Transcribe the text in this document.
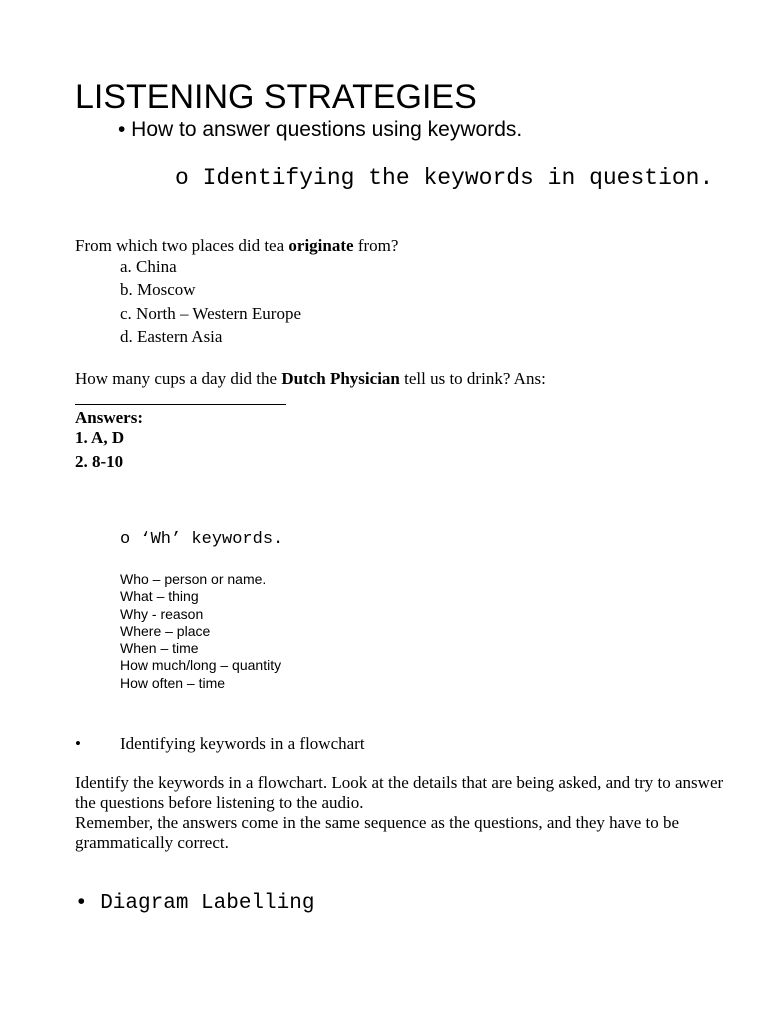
LISTENING STRATEGIES
• How to answer questions using keywords.
o Identifying the keywords in question.
From which two places did tea originate from?
a. China
b. Moscow
c. North – Western Europe
d. Eastern Asia
How many cups a day did the Dutch Physician tell us to drink? Ans:
Answers:
1. A, D
2. 8-10
o ‘Wh’ keywords.
Who – person or name.
What – thing
Why - reason
Where – place
When – time
How much/long – quantity
How often – time
• Identifying keywords in a flowchart

Identify the keywords in a flowchart. Look at the details that are being asked, and try to answer the questions before listening to the audio.

Remember, the answers come in the same sequence as the questions, and they have to be grammatically correct.

• Diagram Labelling
